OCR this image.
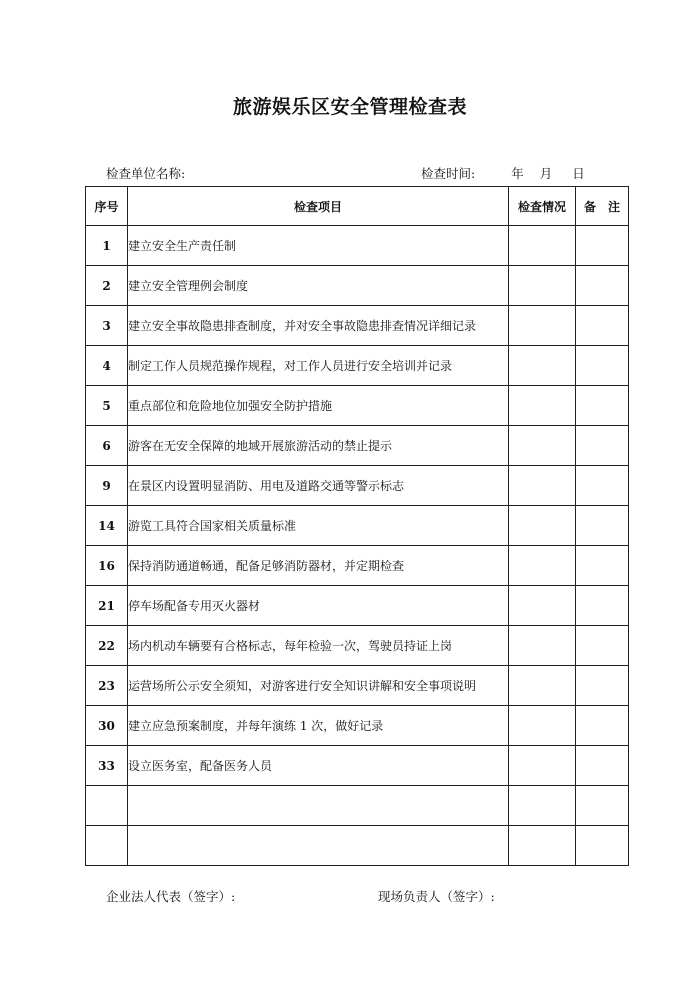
旅游娱乐区安全管理检查表
检查单位名称:	检查时间:	年 月 日
序号	检查项目	检查情况	备　注
1	建立安全生产责任制		
2	建立安全管理例会制度		
3	建立安全事故隐患排查制度，并对安全事故隐患排查情况详细记录		
4	制定工作人员规范操作规程，对工作人员进行安全培训并记录		
5	重点部位和危险地位加强安全防护措施		
6	游客在无安全保障的地域开展旅游活动的禁止提示		
9	在景区内设置明显消防、用电及道路交通等警示标志		
14	游览工具符合国家相关质量标准		
16	保持消防通道畅通，配备足够消防器材，并定期检查		
21	停车场配备专用灭火器材		
22	场内机动车辆要有合格标志，每年检验一次，驾驶员持证上岗		
23	运营场所公示安全须知，对游客进行安全知识讲解和安全事项说明		
30	建立应急预案制度，并每年演练 1 次，做好记录		
33	设立医务室，配备医务人员		

企业法人代表（签字）:	现场负责人（签字）:
